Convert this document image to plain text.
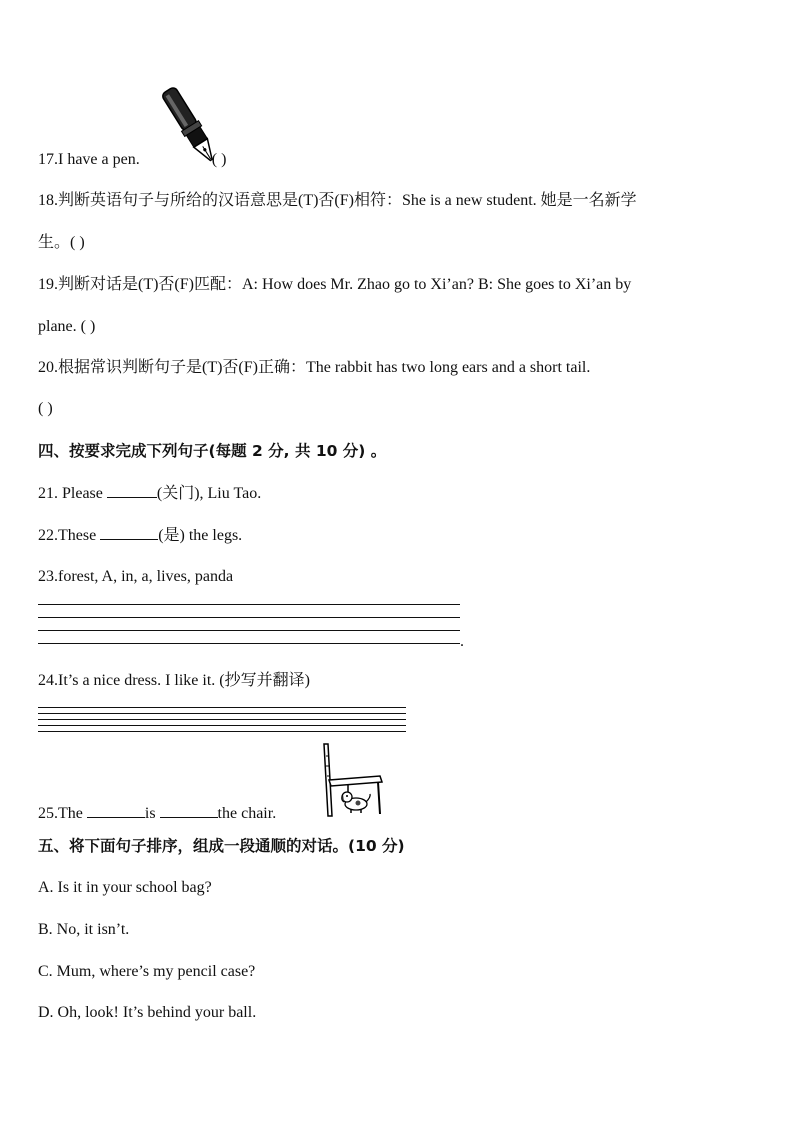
17.I have a pen.	( )
18.判断英语句子与所给的汉语意思是(T)否(F)相符：She is a new student. 她是一名新学
生。( )
19.判断对话是(T)否(F)匹配：A: How does Mr. Zhao go to Xi’an? B: She goes to Xi’an by
plane. ( )
20.根据常识判断句子是(T)否(F)正确：The rabbit has two long ears and a short tail.
( )
四、按要求完成下列句子(每题 2 分, 共 10 分) 。
21. Please	(关门), Liu Tao.
22.These	(是) the legs.
23.forest, A, in, a, lives, panda
.
24.It’s a nice dress. I like it. (抄写并翻译)
25.The	is	the chair.
五、将下面句子排序，组成一段通顺的对话。(10 分)
A. Is it in your school bag?
B. No, it isn’t.
C. Mum, where’s my pencil case?
D. Oh, look! It’s behind your ball.
